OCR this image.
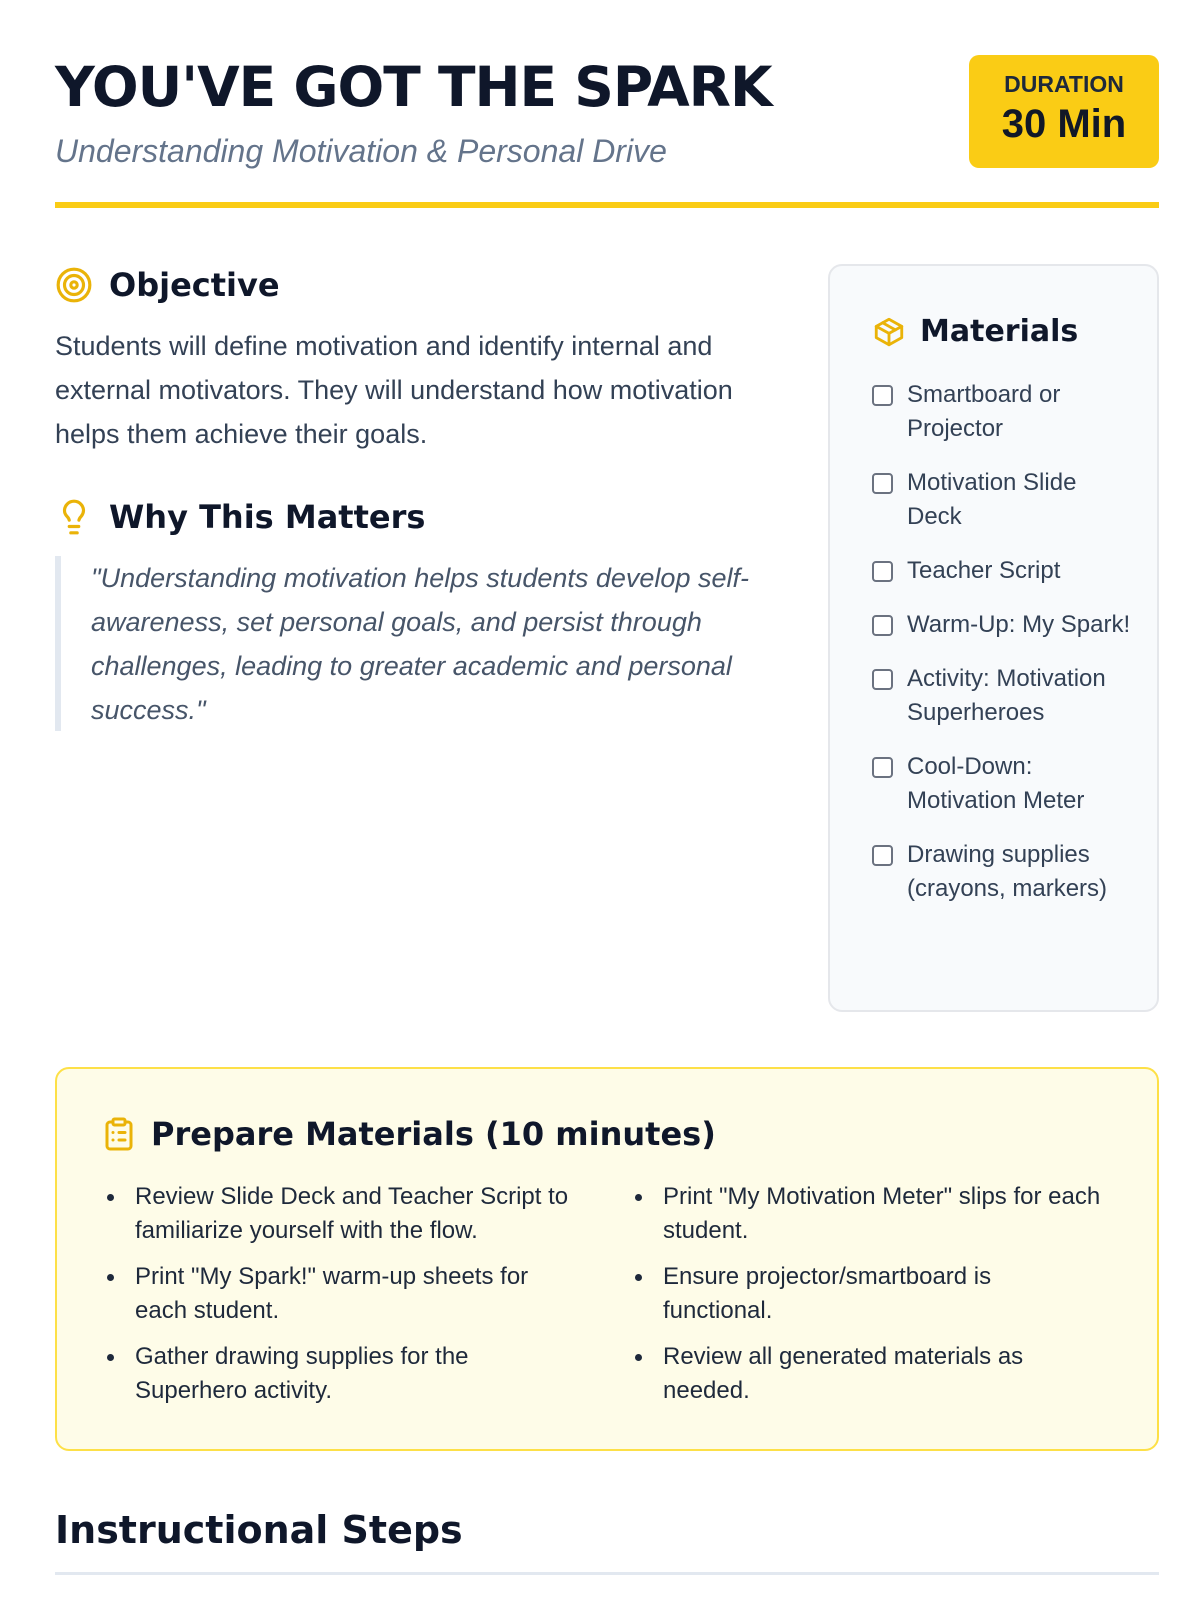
YOU'VE GOT THE SPARK
Understanding Motivation & Personal Drive
DURATION
30 Min
Objective

Students will define motivation and identify internal and external motivators. They will understand how motivation helps them achieve their goals.

Why This Matters
"Understanding motivation helps students develop self-awareness, set personal goals, and persist through challenges, leading to greater academic and personal success."
Materials
Smartboard or Projector
Motivation Slide Deck
Teacher Script
Warm-Up: My Spark!
Activity: Motivation Superheroes
Cool-Down: Motivation Meter
Drawing supplies (crayons, markers)
Prepare Materials (10 minutes)
Review Slide Deck and Teacher Script to familiarize yourself with the flow.
Print "My Spark!" warm-up sheets for each student.
Gather drawing supplies for the Superhero activity.
Print "My Motivation Meter" slips for each student.
Ensure projector/smartboard is functional.
Review all generated materials as needed.
Instructional Steps
